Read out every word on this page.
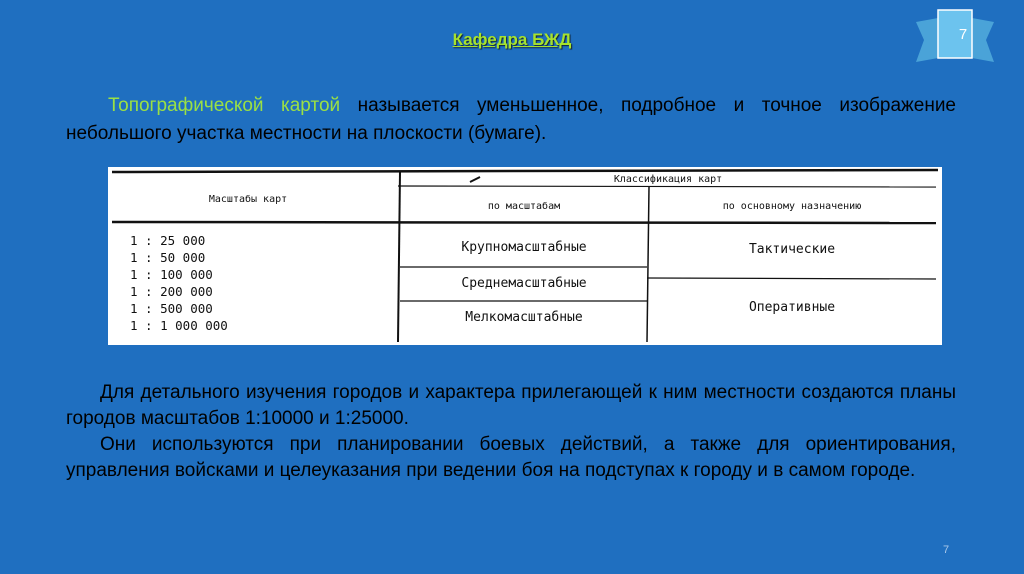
Кафедра БЖД	7
Топографической картой называется уменьшенное, подробное и точное изображение небольшого участка местности на плоскости (бумаге).
Масштабы карт
Классификация карт
по масштабам	по основному назначению
1 : 25 000
1 : 50 000
1 : 100 000
1 : 200 000
1 : 500 000
1 : 1 000 000
Крупномасштабные
Среднемасштабные
Мелкомасштабные
Тактические
Оперативные

Для детального изучения городов и характера прилегающей к ним местности создаются планы городов масштабов 1:10000 и 1:25000.

Они используются при планировании боевых действий, а также для ориентирования, управления войсками и целеуказания при ведении боя на подступах к городу и в самом городе.

7
